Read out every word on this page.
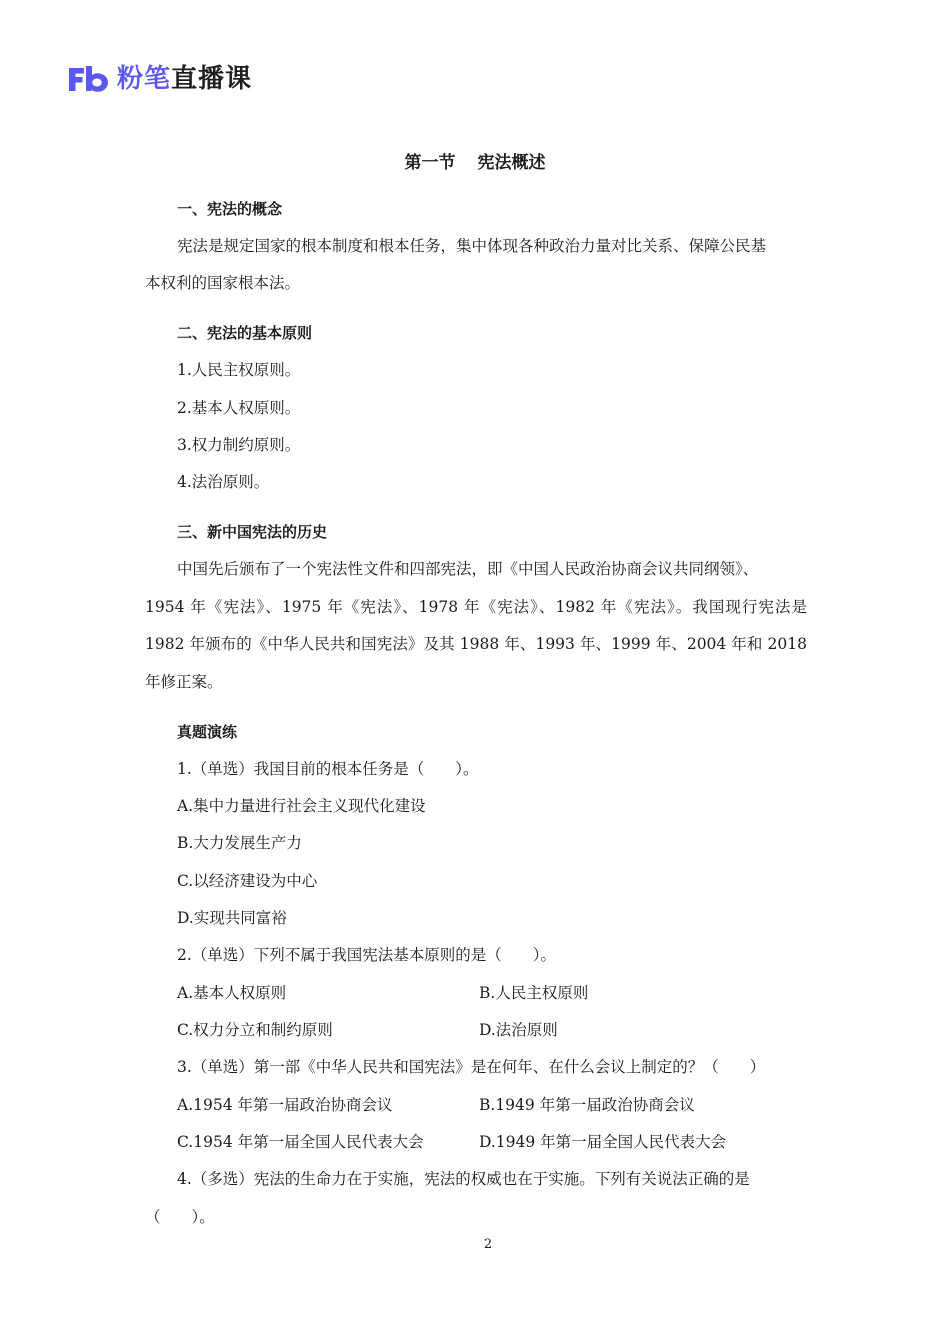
粉笔直播课
第一节 宪法概述
一、宪法的概念
宪法是规定国家的根本制度和根本任务，集中体现各种政治力量对比关系、保障公民基
本权利的国家根本法。
二、宪法的基本原则
1.人民主权原则。
2.基本人权原则。
3.权力制约原则。
4.法治原则。
三、新中国宪法的历史
中国先后颁布了一个宪法性文件和四部宪法，即《中国人民政治协商会议共同纲领》、
1954 年《宪法》、1975 年《宪法》、1978 年《宪法》、1982 年《宪法》。我国现行宪法是
1982 年颁布的《中华人民共和国宪法》及其 1988 年、1993 年、1999 年、2004 年和 2018
年修正案。
真题演练
1.（单选）我国目前的根本任务是（　　）。
A.集中力量进行社会主义现代化建设
B.大力发展生产力
C.以经济建设为中心
D.实现共同富裕
2.（单选）下列不属于我国宪法基本原则的是（　　）。
A.基本人权原则	B.人民主权原则
C.权力分立和制约原则	D.法治原则
3.（单选）第一部《中华人民共和国宪法》是在何年、在什么会议上制定的？（　　）
A.1954 年第一届政治协商会议	B.1949 年第一届政治协商会议
C.1954 年第一届全国人民代表大会	D.1949 年第一届全国人民代表大会
4.（多选）宪法的生命力在于实施，宪法的权威也在于实施。下列有关说法正确的是
（　　）。
2
